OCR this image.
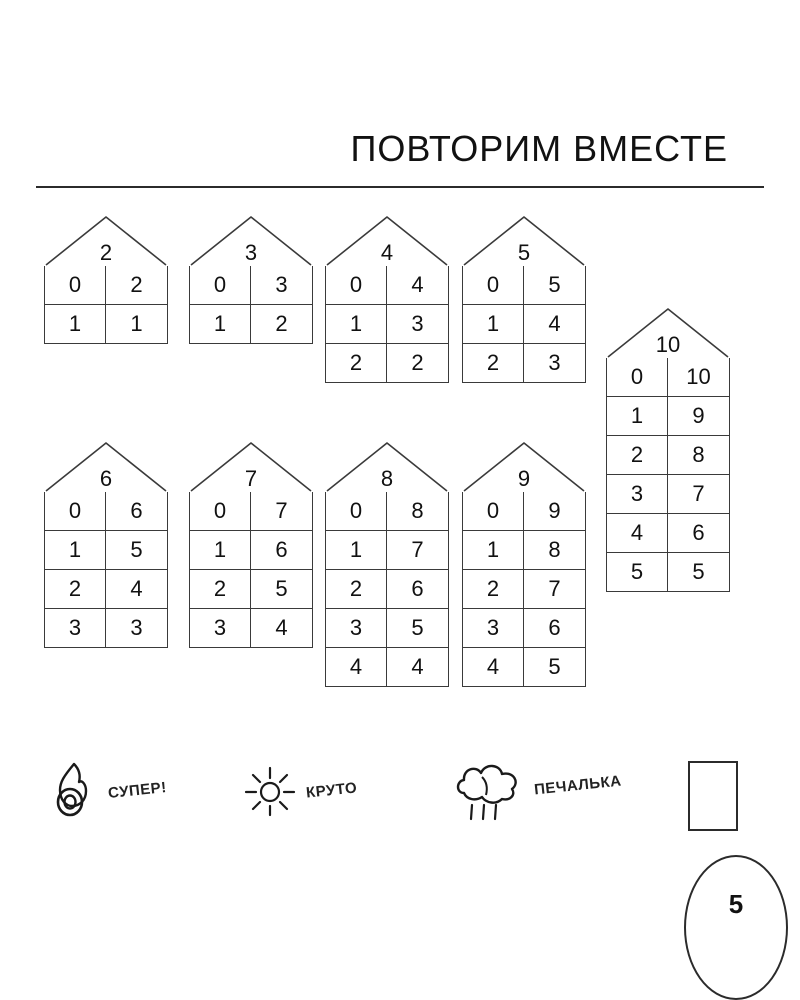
ПОВТОРИМ ВМЕСТЕ
2
0	2
1	1
3
0	3
1	2
4
0	4
1	3
2	2
5
0	5
1	4
2	3
10
0	10
1	9
2	8
3	7
4	6
5	5
6
0	6
1	5
2	4
3	3
7
0	7
1	6
2	5
3	4
8
0	8
1	7
2	6
3	5
4	4
9
0	9
1	8
2	7
3	6
4	5
СУПЕР!	КРУТО	ПЕЧАЛЬКА
5
